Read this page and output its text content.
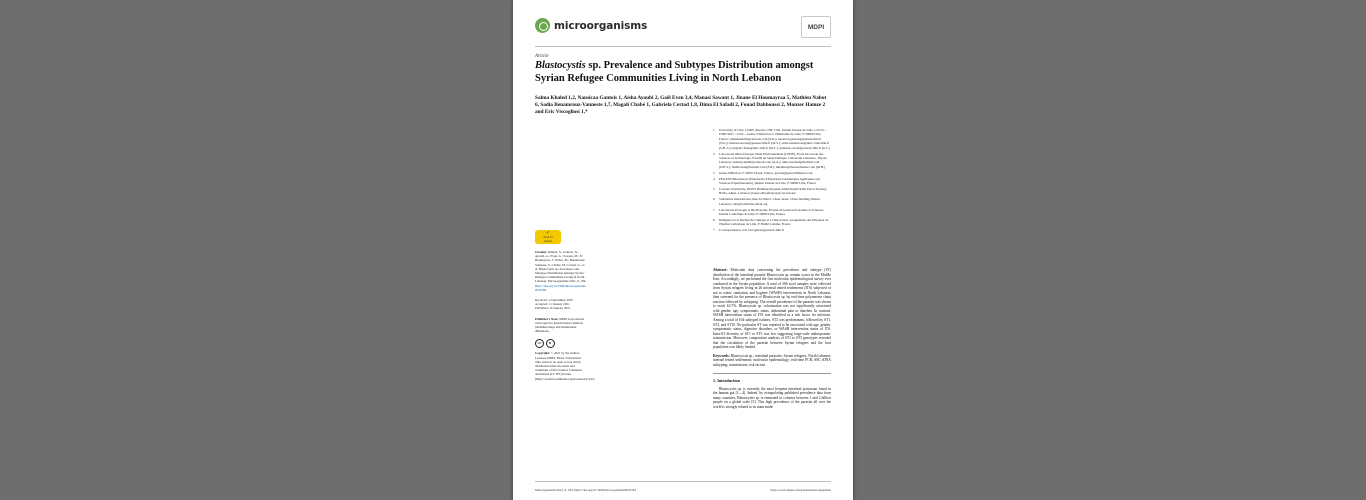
microorganisms	MDPI
Article
Blastocystis sp. Prevalence and Subtypes Distribution amongst
Syrian Refugee Communities Living in North Lebanon
Salma Khaled 1,2, Nausicaa Gantois 1, Aisha Ayoubi 2, Gaël Even 3,4, Manasi Sawant 1, Jinane El Houmayraa 5, Mathieu Nabot 6, Sadia Benamrouz-Vanneste 1,7, Magali Chabé 1, Gabriela Certad 1,8, Dima El Safadi 2, Fouad Dabboussi 2, Monzer Hamze 2 and Eric Viscogliosi 1,*
1	University of Lille, CNRS, Inserm, CHU Lille, Institut Pasteur de Lille, U1019—UMR 9017—CIIL—Centre d'Infection et d'Immunité de Lille, F-59000 Lille, France; salmakhaled9@outlook.com (S.K.); nausicaa.gantois@pasteur-lille.fr (N.G.); manasi.sawant@pasteur-lille.fr (M.S.); sadia.benamrouz@univ-catholille.fr (S.B.-V.); magali.chabe@univ-lille.fr (M.C.); gabriela.certad@pasteur-lille.fr (G.C.)
2	Laboratoire Microbiologie Santé Environnement (LMSE), Ecole Doctorale des Sciences et Technologie, Faculté de Santé Publique, Université Libanaise, Tripoli, Lebanon; aishaayoubi99@outlook.com (A.A.); dima.elsafadi@hotmail.com (D.E.S.); fdabboussi@hotmail.com (F.D.); mhamze@monzerhamze.com (M.H.)
3	Gènes Diffusion, F-59501 Douai, France; gevent@genesdiffusion.com
4	PEGASE-Biosciences (Plateforme d'Expertises Génomiques Appliquées aux Sciences Expérimentales), Institut Pasteur de Lille, F-59000 Lille, France
5	Concern Worldwide, HOYS Building Riyadeh-Abdel Karim Rifai Petrol Station), Halba, Akkar, Lebanon; jinane.elhoumayraa@concern.net
6	Solidarités International, Rue Al Nahr's, Chaar street, Chaar building, Beirut, Lebanon; cdm@solidarites-liban.org
7	Laboratoire Ecologie et Biodiversité, Faculté de Gestion Economie et Sciences, Institut Catholique de Lille, F-59000 Lille, France
8	Délégation à la Recherche Clinique et à l'Innovation, Groupement des Hôpitaux de l'Institut Catholique de Lille, F-59462 Lomme, France
*	Correspondence: eric.viscogliosi@pasteur-lille.fr
✓
check for
updates
Citation: Khaled, S.; Gantois, N.; Ayoubi, A.; Even, G.; Sawant, M.; El Houmayraa, J.; Nabot, M.; Benamrouz-Vanneste, S.; Chabé, M.; Certad, G.; et al. Blastocystis sp. Prevalence and Subtypes Distribution amongst Syrian Refugee Communities Living in North Lebanon. Microorganisms 2021, 9, 184. https://doi.org/10.3390/microorganisms9010184
Received: 12 December 2020
Accepted: 11 January 2021
Published: 16 January 2021
Publisher's Note: MDPI stays neutral with regard to jurisdictional claims in published maps and institutional affiliations.
cc	●
Copyright: © 2021 by the authors. Licensee MDPI, Basel, Switzerland. This article is an open access article distributed under the terms and conditions of the Creative Commons Attribution (CC BY) license (https://creativecommons.org/licenses/by/4.0/).

Abstract: Molecular data concerning the prevalence and subtype (ST) distribution of the intestinal parasite Blastocystis sp. remain scarce in the Middle East. Accordingly, we performed the first molecular epidemiological survey ever conducted in the Syrian population. A total of 306 stool samples were collected from Syrian refugees living in 26 informal tented settlements (ITS) subjected or not to water, sanitation, and hygiene (WASH) interventions in North Lebanon, then screened for the presence of Blastocystis sp. by real-time polymerase chain reaction followed by subtyping. The overall prevalence of the parasite was shown to reach 63.7%. Blastocystis sp. colonization was not significantly associated with gender, age, symptomatic status, abdominal pain or diarrhea. In contrast, WASH intervention status of ITS was identified as a risk factor for infection. Among a total of 164 subtyped isolates, ST3 was predominant, followed by ST1, ST2, and ST10. No particular ST was reported to be associated with age, gender, symptomatic status, digestive disorders, or WASH intervention status of ITS. Intra-ST diversity of ST1 to ST3 was low suggesting large-scale anthroponotic transmission. Moreover, comparative analysis of ST1 to ST3 genotypes revealed that the circulation of the parasite between Syrian refugees and the host population was likely limited.

Keywords: Blastocystis sp.; intestinal parasites; Syrian refugees; North Lebanon; internal tented settlements; molecular epidemiology; real-time PCR; SSU rDNA subtyping; transmission; risk factors

1. Introduction

Blastocystis sp. is currently the most frequent intestinal protozoan found in the human gut [1—4]. Indeed, by extrapolating published prevalence data from many countries, Blastocystis sp. is estimated to colonize between 1 and 2 billion people on a global scale [5]. This high prevalence of the parasite all over the world is strongly related to its main mode

Microorganisms 2021, 9, 184. https://doi.org/10.3390/microorganisms9010184	https://www.mdpi.com/journal/microorganisms
